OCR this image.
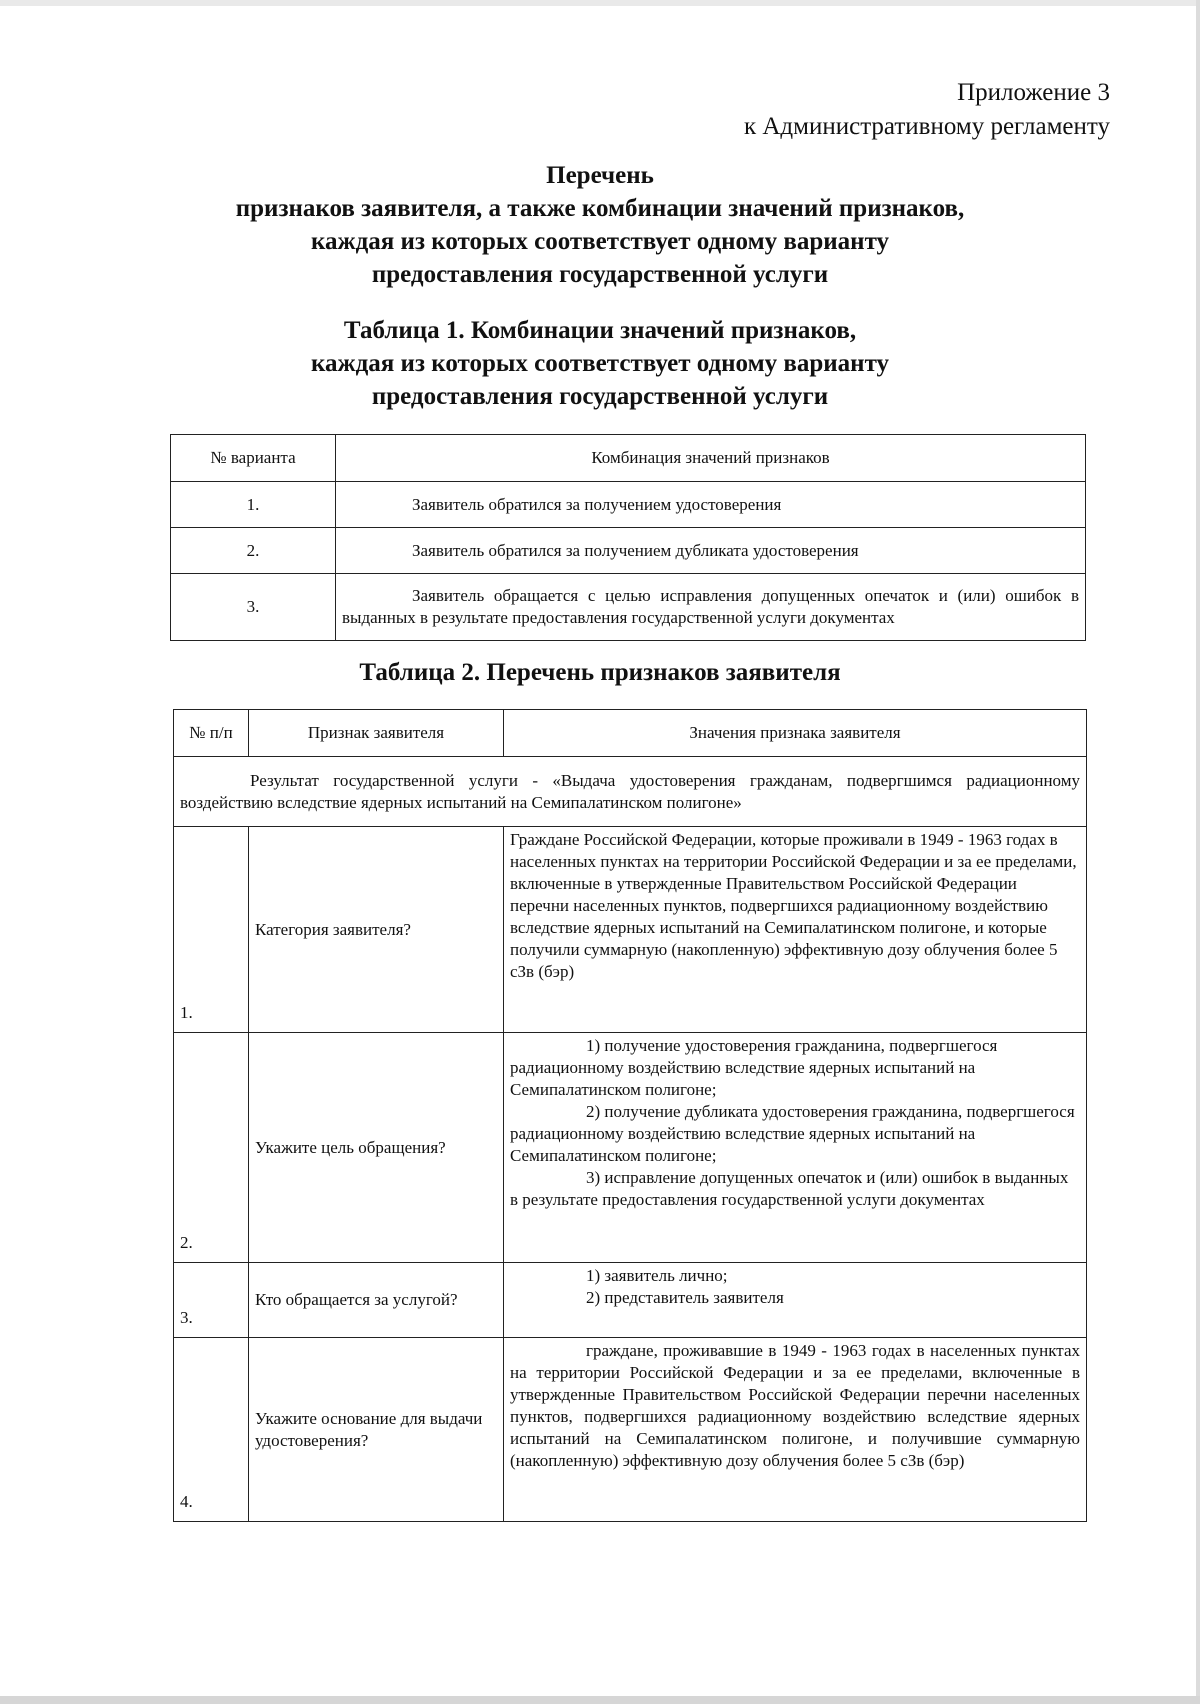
Приложение 3
к Административному регламенту
Перечень
признаков заявителя, а также комбинации значений признаков,
каждая из которых соответствует одному варианту
предоставления государственной услуги
Таблица 1. Комбинации значений признаков,
каждая из которых соответствует одному варианту
предоставления государственной услуги
№ варианта	Комбинация значений признаков
1.	Заявитель обратился за получением удостоверения
2.	Заявитель обратился за получением дубликата удостоверения
3.	Заявитель обращается с целью исправления допущенных опечаток и (или) ошибок в выданных в результате предоставления государственной услуги документах
Таблица 2. Перечень признаков заявителя
№ п/п	Признак заявителя	Значения признака заявителя
Результат государственной услуги - «Выдача удостоверения гражданам, подвергшимся радиационному воздействию вследствие ядерных испытаний на Семипалатинском полигоне»		
1.	Категория заявителя?	Граждане Российской Федерации, которые проживали в 1949 - 1963 годах в населенных пунктах на территории Российской Федерации и за ее пределами, включенные в утвержденные Правительством Российской Федерации перечни населенных пунктов, подвергшихся радиационному воздействию вследствие ядерных испытаний на Семипалатинском полигоне, и которые получили суммарную (накопленную) эффективную дозу облучения более 5 сЗв (бэр)

2.	Укажите цель обращения?	1) получение удостоверения гражданина, подвергшегося радиационному воздействию вследствие ядерных испытаний на Семипалатинском полигоне;
2) получение дубликата удостоверения гражданина, подвергшегося радиационному воздействию вследствие ядерных испытаний на Семипалатинском полигоне;
3) исправление допущенных опечаток и (или) ошибок в выданных в результате предоставления государственной услуги документах

3.	Кто обращается за услугой?	1) заявитель лично;
2) представитель заявителя

4.	Укажите основание для выдачи удостоверения?	граждане, проживавшие в 1949 - 1963 годах в населенных пунктах на территории Российской Федерации и за ее пределами, включенные в утвержденные Правительством Российской Федерации перечни населенных пунктов, подвергшихся радиационному воздействию вследствие ядерных испытаний на Семипалатинском полигоне, и получившие суммарную (накопленную) эффективную дозу облучения более 5 сЗв (бэр)
